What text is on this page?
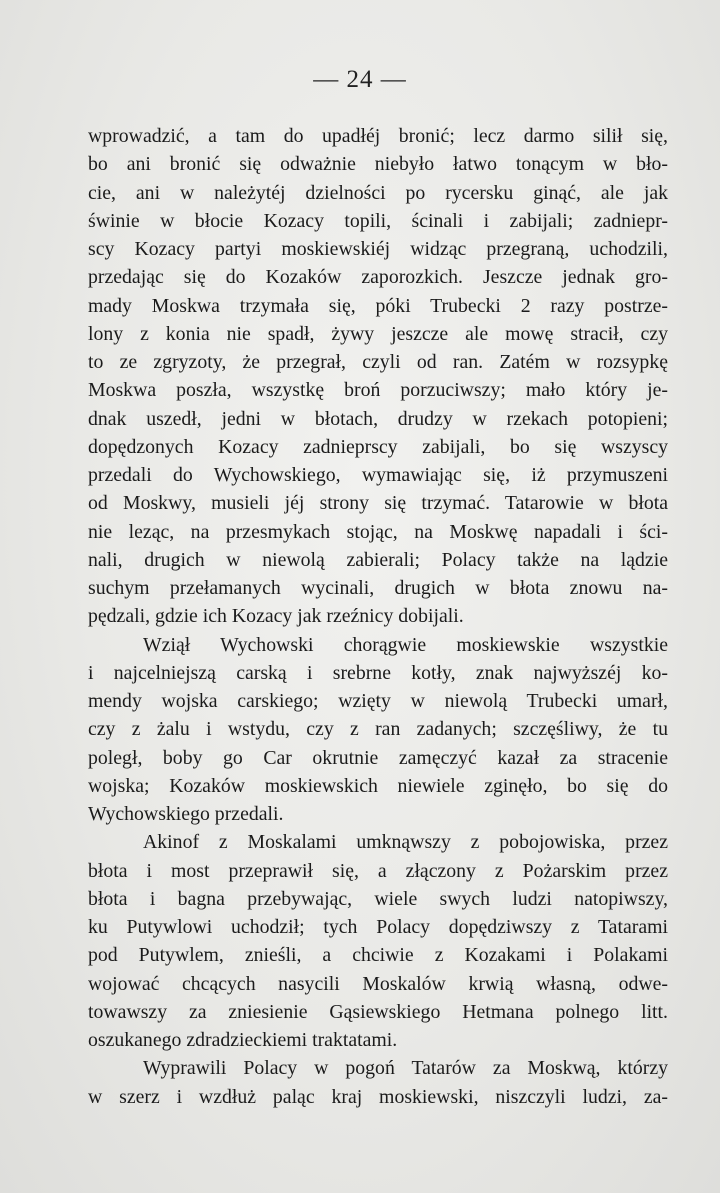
— 24 —
wprowadzić, a tam do upadłéj bronić; lecz darmo silił się,
bo ani bronić się odważnie niebyło łatwo tonącym w bło-
cie, ani w należytéj dzielności po rycersku ginąć, ale jak
świnie w błocie Kozacy topili, ścinali i zabijali; zadniepr-
scy Kozacy partyi moskiewskiéj widząc przegraną, uchodzili,
przedając się do Kozaków zaporozkich. Jeszcze jednak gro-
mady Moskwa trzymała się, póki Trubecki 2 razy postrze-
lony z konia nie spadł, żywy jeszcze ale mowę stracił, czy
to ze zgryzoty, że przegrał, czyli od ran. Zatém w rozsypkę
Moskwa poszła, wszystkę broń porzuciwszy; mało który je-
dnak uszedł, jedni w błotach, drudzy w rzekach potopieni;
dopędzonych Kozacy zadnieprscy zabijali, bo się wszyscy
przedali do Wychowskiego, wymawiając się, iż przymuszeni
od Moskwy, musieli jéj strony się trzymać. Tatarowie w błota
nie leząc, na przesmykach stojąc, na Moskwę napadali i ści-
nali, drugich w niewolą zabierali; Polacy także na lądzie
suchym przełamanych wycinali, drugich w błota znowu na-
pędzali, gdzie ich Kozacy jak rzeźnicy dobijali.
Wziął Wychowski chorągwie moskiewskie wszystkie
i najcelniejszą carską i srebrne kotły, znak najwyższéj ko-
mendy wojska carskiego; wzięty w niewolą Trubecki umarł,
czy z żalu i wstydu, czy z ran zadanych; szczęśliwy, że tu
poległ, boby go Car okrutnie zamęczyć kazał za stracenie
wojska; Kozaków moskiewskich niewiele zginęło, bo się do
Wychowskiego przedali.
Akinof z Moskalami umknąwszy z pobojowiska, przez
błota i most przeprawił się, a złączony z Pożarskim przez
błota i bagna przebywając, wiele swych ludzi natopiwszy,
ku Putywlowi uchodził; tych Polacy dopędziwszy z Tatarami
pod Putywlem, znieśli, a chciwie z Kozakami i Polakami
wojować chcących nasycili Moskalów krwią własną, odwe-
towawszy za zniesienie Gąsiewskiego Hetmana polnego litt.
oszukanego zdradzieckiemi traktatami.
Wyprawili Polacy w pogoń Tatarów za Moskwą, którzy
w szerz i wzdłuż paląc kraj moskiewski, niszczyli ludzi, za-
